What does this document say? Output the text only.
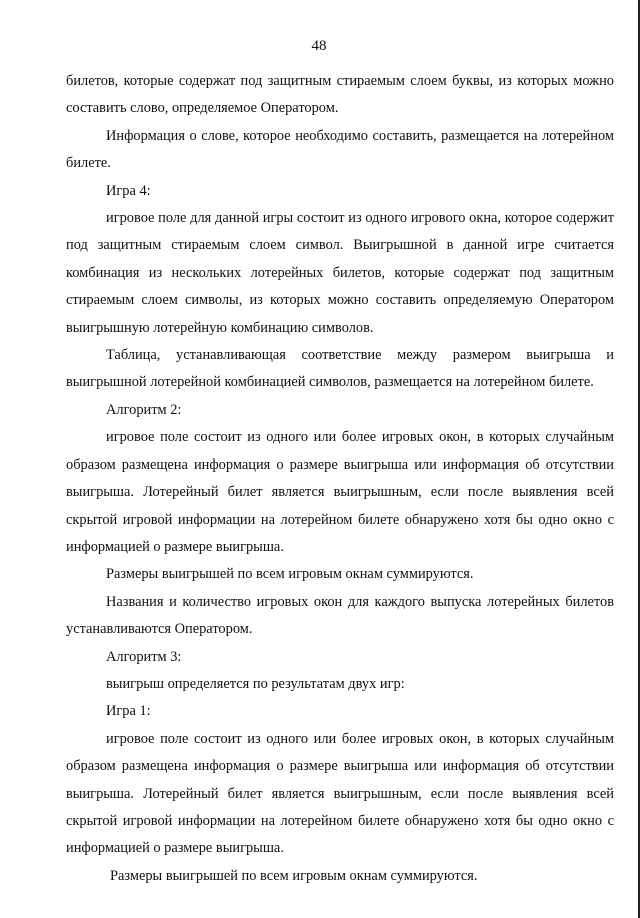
48

билетов, которые содержат под защитным стираемым слоем буквы, из которых можно составить слово, определяемое Оператором.

Информация о слове, которое необходимо составить, размещается на лотерейном билете.

Игра 4:

игровое поле для данной игры состоит из одного игрового окна, которое содержит под защитным стираемым слоем символ. Выигрышной в данной игре считается комбинация из нескольких лотерейных билетов, которые содержат под защитным стираемым слоем символы, из которых можно составить определяемую Оператором выигрышную лотерейную комбинацию символов.

Таблица, устанавливающая соответствие между размером выигрыша и выигрышной лотерейной комбинацией символов, размещается на лотерейном билете.

Алгоритм 2:

игровое поле состоит из одного или более игровых окон, в которых случайным образом размещена информация о размере выигрыша или информация об отсутствии выигрыша. Лотерейный билет является выигрышным, если после выявления всей скрытой игровой информации на лотерейном билете обнаружено хотя бы одно окно с информацией о размере выигрыша.

Размеры выигрышей по всем игровым окнам суммируются.

Названия и количество игровых окон для каждого выпуска лотерейных билетов устанавливаются Оператором.

Алгоритм 3:

выигрыш определяется по результатам двух игр:

Игра 1:

игровое поле состоит из одного или более игровых окон, в которых случайным образом размещена информация о размере выигрыша или информация об отсутствии выигрыша. Лотерейный билет является выигрышным, если после выявления всей скрытой игровой информации на лотерейном билете обнаружено хотя бы одно окно с информацией о размере выигрыша.

Размеры выигрышей по всем игровым окнам суммируются.
